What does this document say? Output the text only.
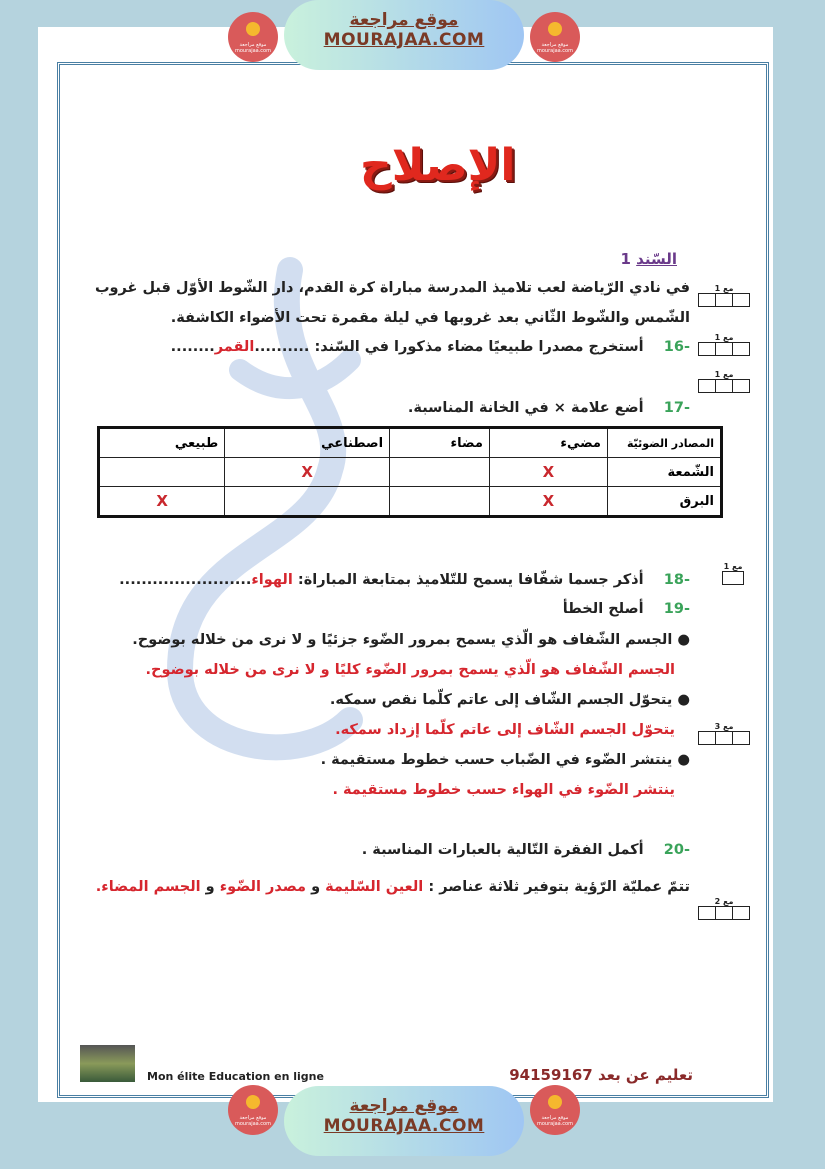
موقع مراجعة mourajaa.com
موقع مراجعة
MOURAJAA.COM	موقع مراجعة mourajaa.com
الإصلاح
السّند 1
في نادي الرّياضة لعب تلاميذ المدرسة مباراة كرة القدم، دار الشّوط الأوّل قبل غروب
الشّمس والشّوط الثّاني بعد غروبها في ليلة مقمرة تحت الأضواء الكاشفة.
-16    أستخرج مصدرا طبيعيًا مضاء مذكورا في السّند: ..........القمر........
-17    أضع علامة × في الخانة المناسبة.
المصادر الضوئيّة	مضيء	مضاء	اصطناعي	طبيعي
الشّمعة	X		X	
البرق	X			X
-18    أذكر جسما شفّافا يسمح للتّلاميذ بمتابعة المباراة: الهواء........................
-19    أصلح الخطأ
● الجسم الشّفاف هو الّذي يسمح بمرور الضّوء جزئيًا و لا نرى من خلاله بوضوح.
الجسم الشّفاف هو الّذي يسمح بمرور الضّوء كليًا و لا نرى من خلاله بوضوح.
● يتحوّل الجسم الشّاف إلى عاتم كلّما نقص سمكه.
يتحوّل الجسم الشّاف إلى عاتم كلّما إزداد سمكه.
● ينتشر الضّوء في الضّباب حسب خطوط مستقيمة .
ينتشر الضّوء في الهواء حسب خطوط مستقيمة .
-20    أكمل الفقرة التّالية بالعبارات المناسبة .
تتمّ عمليّة الرّؤية بتوفير ثلاثة عناصر : العين السّليمة و مصدر الضّوء و الجسم المضاء.
مع 1
مع 1
مع 1
مع 1
مع 3
مع 2
Mon élite Education en ligne	تعليم عن بعد 94159167
موقع مراجعة mourajaa.com
موقع مراجعة
MOURAJAA.COM	موقع مراجعة mourajaa.com
